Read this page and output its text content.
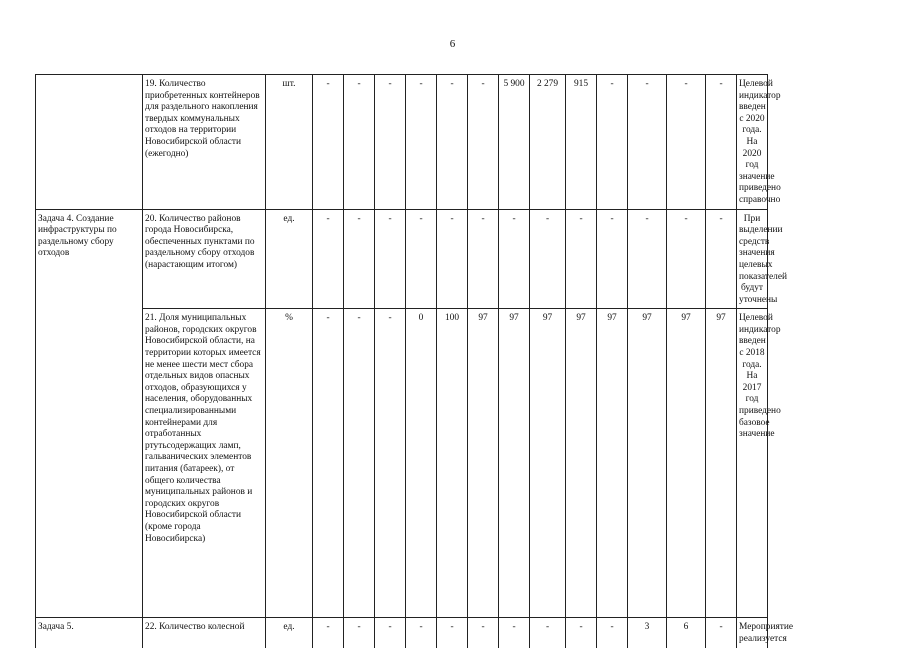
6
	19. Количество приобретенных контейнеров для раздельного накопления твердых коммунальных отходов на территории Новосибирской области (ежегодно)	шт.	-	-	-	-	-	-	5 900	2 279	915	-	-	-	-	Целевой индикатор введен с 2020 года. На 2020 год значение приведено справочно
Задача 4. Создание инфраструктуры по раздельному сбору отходов	20. Количество районов города Новосибирска, обеспеченных пунктами по раздельному сбору отходов (нарастающим итогом)	ед.	-	-	-	-	-	-	-	-	-	-	-	-	-	При выделении средств значения целевых показателей будут уточнены
	21. Доля муниципальных районов, городских округов Новосибирской области, на территории которых имеется не менее шести мест сбора отдельных видов опасных отходов, образующихся у населения, оборудованных специализированными контейнерами для отработанных ртутьсодержащих ламп, гальванических элементов питания (батареек), от общего количества муниципальных районов и городских округов Новосибирской области (кроме города Новосибирска)	%	-	-	-	0	100	97	97	97	97	97	97	97	97	Целевой индикатор введен с 2018 года. На 2017 год приведено базовое значение
Задача 5.	22. Количество колесной	ед.	-	-	-	-	-	-	-	-	-	-	3	6	-	Мероприятие реализуется
